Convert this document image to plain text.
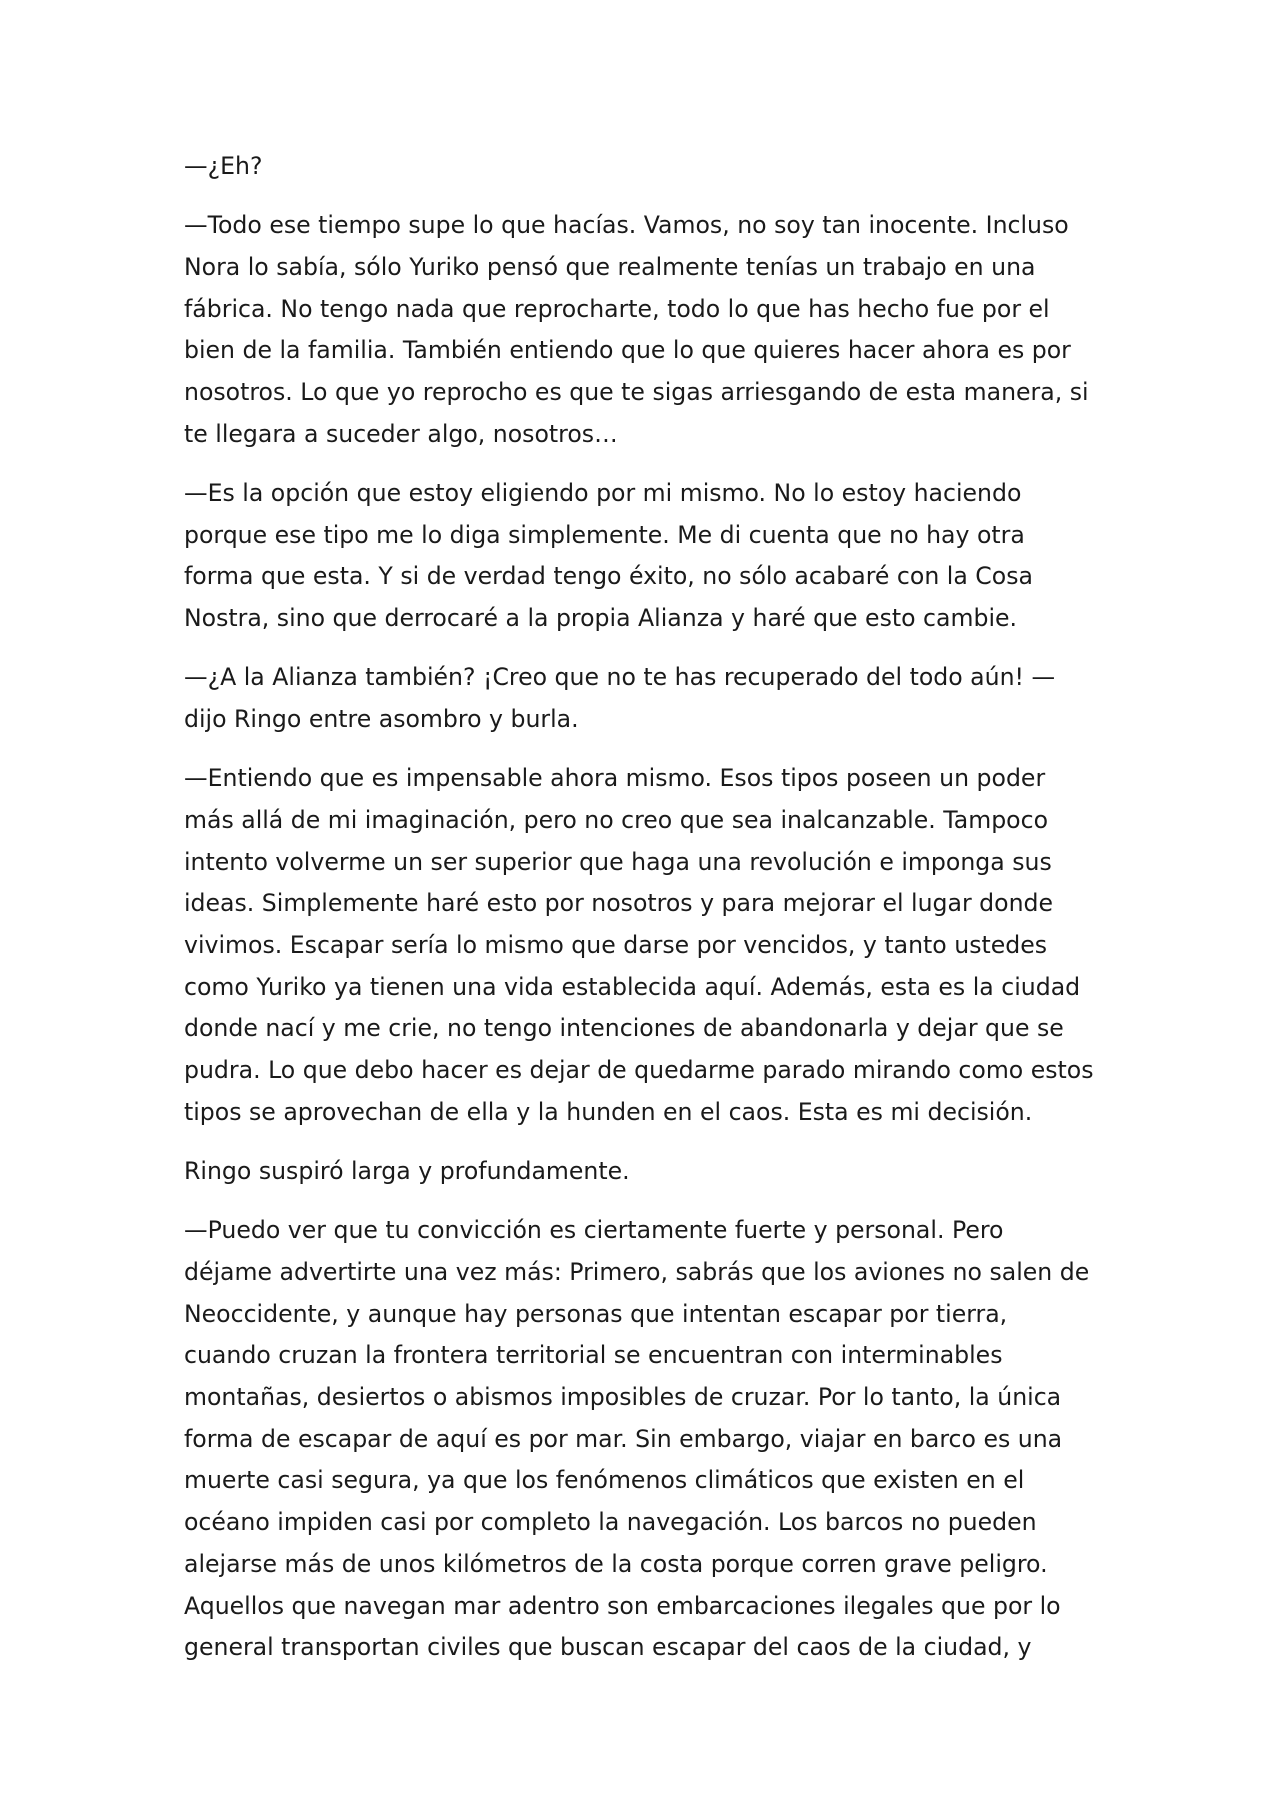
—¿Eh?

—Todo ese tiempo supe lo que hacías. Vamos, no soy tan inocente. Incluso
Nora lo sabía, sólo Yuriko pensó que realmente tenías un trabajo en una
fábrica. No tengo nada que reprocharte, todo lo que has hecho fue por el
bien de la familia. También entiendo que lo que quieres hacer ahora es por
nosotros. Lo que yo reprocho es que te sigas arriesgando de esta manera, si
te llegara a suceder algo, nosotros…

—Es la opción que estoy eligiendo por mi mismo. No lo estoy haciendo
porque ese tipo me lo diga simplemente. Me di cuenta que no hay otra
forma que esta. Y si de verdad tengo éxito, no sólo acabaré con la Cosa
Nostra, sino que derrocaré a la propia Alianza y haré que esto cambie.

—¿A la Alianza también? ¡Creo que no te has recuperado del todo aún! —
dijo Ringo entre asombro y burla.

—Entiendo que es impensable ahora mismo. Esos tipos poseen un poder
más allá de mi imaginación, pero no creo que sea inalcanzable. Tampoco
intento volverme un ser superior que haga una revolución e imponga sus
ideas. Simplemente haré esto por nosotros y para mejorar el lugar donde
vivimos. Escapar sería lo mismo que darse por vencidos, y tanto ustedes
como Yuriko ya tienen una vida establecida aquí. Además, esta es la ciudad
donde nací y me crie, no tengo intenciones de abandonarla y dejar que se
pudra. Lo que debo hacer es dejar de quedarme parado mirando como estos
tipos se aprovechan de ella y la hunden en el caos. Esta es mi decisión.

Ringo suspiró larga y profundamente.

—Puedo ver que tu convicción es ciertamente fuerte y personal. Pero
déjame advertirte una vez más: Primero, sabrás que los aviones no salen de
Neoccidente, y aunque hay personas que intentan escapar por tierra,
cuando cruzan la frontera territorial se encuentran con interminables
montañas, desiertos o abismos imposibles de cruzar. Por lo tanto, la única
forma de escapar de aquí es por mar. Sin embargo, viajar en barco es una
muerte casi segura, ya que los fenómenos climáticos que existen en el
océano impiden casi por completo la navegación. Los barcos no pueden
alejarse más de unos kilómetros de la costa porque corren grave peligro.
Aquellos que navegan mar adentro son embarcaciones ilegales que por lo
general transportan civiles que buscan escapar del caos de la ciudad, y
